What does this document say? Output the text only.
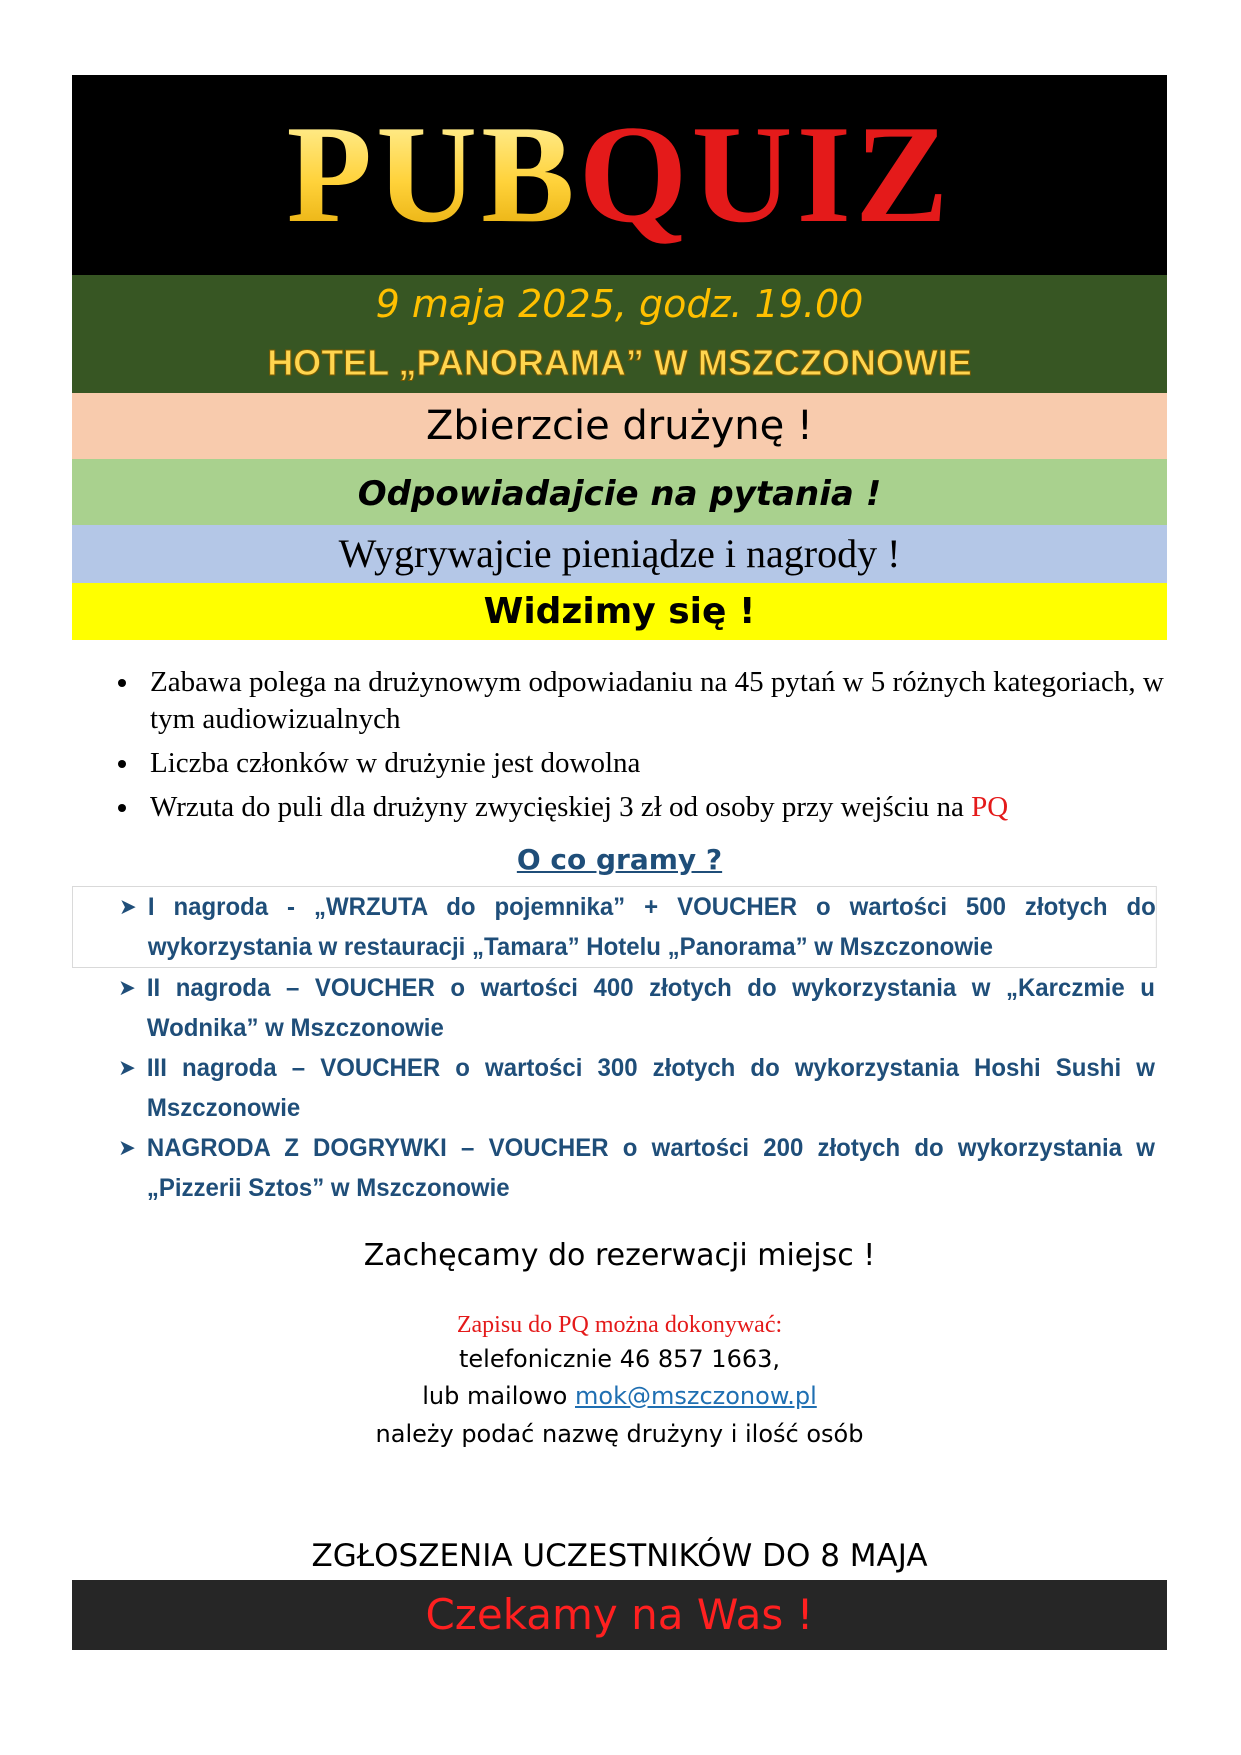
PUBQUIZ
9 maja 2025, godz. 19.00
HOTEL „PANORAMA” W MSZCZONOWIE
Zbierzcie drużynę !
Odpowiadajcie na pytania !
Wygrywajcie pieniądze i nagrody !
Widzimy się !
Zabawa polega na drużynowym odpowiadaniu na 45 pytań w 5 różnych kategoriach, w tym audiowizualnych
Liczba członków w drużynie jest dowolna
Wrzuta do puli dla drużyny zwycięskiej 3 zł od osoby przy wejściu na PQ
O co gramy ?
➤ I nagroda - „WRZUTA do pojemnika” + VOUCHER o wartości 500 złotych do wykorzystania w restauracji „Tamara” Hotelu „Panorama” w Mszczonowie
➤ II nagroda – VOUCHER o wartości 400 złotych do wykorzystania w „Karczmie u Wodnika” w Mszczonowie
➤ III nagroda – VOUCHER o wartości 300 złotych do wykorzystania Hoshi Sushi w Mszczonowie
➤ NAGRODA Z DOGRYWKI – VOUCHER o wartości 200 złotych do wykorzystania w „Pizzerii Sztos” w Mszczonowie
Zachęcamy do rezerwacji miejsc !
Zapisu do PQ można dokonywać:
telefonicznie 46 857 1663,
lub mailowo mok@mszczonow.pl
należy podać nazwę drużyny i ilość osób
ZGŁOSZENIA UCZESTNIKÓW DO 8 MAJA
Czekamy na Was !
